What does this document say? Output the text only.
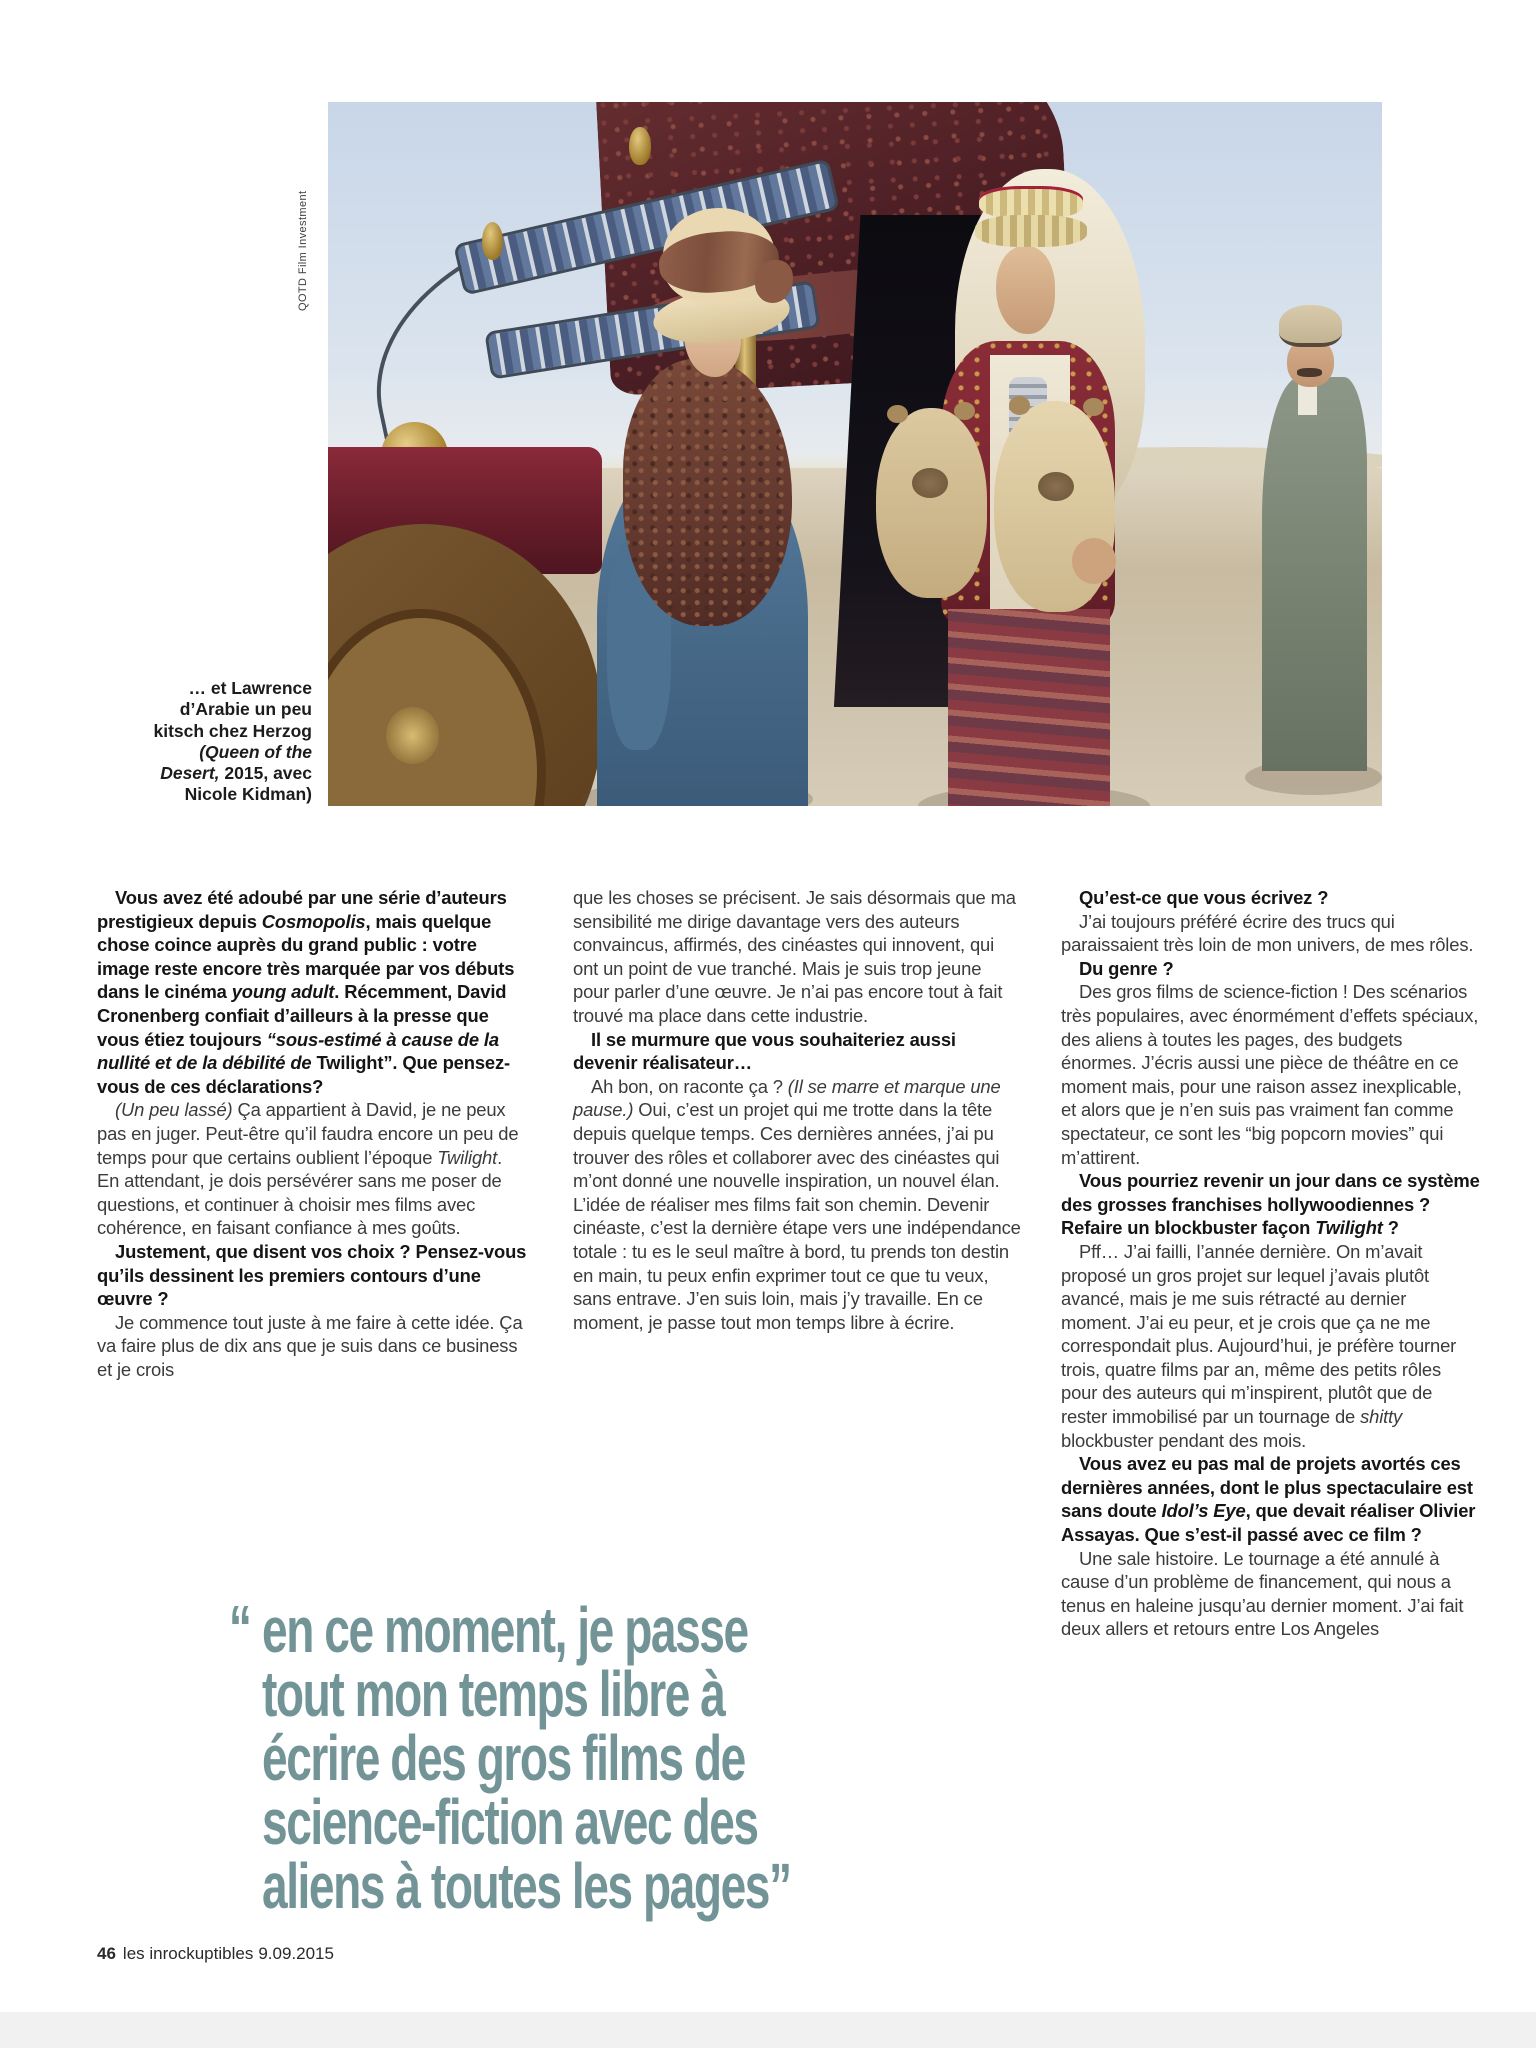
QOTD Film Investment
… et Lawrence
d’Arabie un peu
kitsch chez Herzog
(Queen of the
Desert, 2015, avec
Nicole Kidman)
Vous avez été adoubé par une série d’auteurs prestigieux depuis Cosmopolis, mais quelque chose coince auprès du grand public : votre image reste encore très marquée par vos débuts dans le cinéma young adult. Récemment, David Cronenberg confiait d’ailleurs à la presse que vous étiez toujours “sous-estimé à cause de la nullité et de la débilité de Twilight”. Que pensez-vous de ces déclarations?
(Un peu lassé) Ça appartient à David, je ne peux pas en juger. Peut-être qu’il faudra encore un peu de temps pour que certains oublient l’époque Twilight. En attendant, je dois persévérer sans me poser de questions, et continuer à choisir mes films avec cohérence, en faisant confiance à mes goûts.
Justement, que disent vos choix ? Pensez-vous qu’ils dessinent les premiers contours d’une œuvre ?
Je commence tout juste à me faire à cette idée. Ça va faire plus de dix ans que je suis dans ce business et je crois
que les choses se précisent. Je sais désormais que ma sensibilité me dirige davantage vers des auteurs convaincus, affirmés, des cinéastes qui innovent, qui ont un point de vue tranché. Mais je suis trop jeune pour parler d’une œuvre. Je n’ai pas encore tout à fait trouvé ma place dans cette industrie.
Il se murmure que vous souhaiteriez aussi devenir réalisateur…
Ah bon, on raconte ça ? (Il se marre et marque une pause.) Oui, c’est un projet qui me trotte dans la tête depuis quelque temps. Ces dernières années, j’ai pu trouver des rôles et collaborer avec des cinéastes qui m’ont donné une nouvelle inspiration, un nouvel élan. L’idée de réaliser mes films fait son chemin. Devenir cinéaste, c’est la dernière étape vers une indépendance totale : tu es le seul maître à bord, tu prends ton destin en main, tu peux enfin exprimer tout ce que tu veux, sans entrave. J’en suis loin, mais j’y travaille. En ce moment, je passe tout mon temps libre à écrire.
Qu’est-ce que vous écrivez ?
J’ai toujours préféré écrire des trucs qui paraissaient très loin de mon univers, de mes rôles.
Du genre ?
Des gros films de science-fiction ! Des scénarios très populaires, avec énormément d’effets spéciaux, des aliens à toutes les pages, des budgets énormes. J’écris aussi une pièce de théâtre en ce moment mais, pour une raison assez inexplicable, et alors que je n’en suis pas vraiment fan comme spectateur, ce sont les “big popcorn movies” qui m’attirent.
Vous pourriez revenir un jour dans ce système des grosses franchises hollywoodiennes ? Refaire un blockbuster façon Twilight ?
Pff… J’ai failli, l’année dernière. On m’avait proposé un gros projet sur lequel j’avais plutôt avancé, mais je me suis rétracté au dernier moment. J’ai eu peur, et je crois que ça ne me correspondait plus. Aujourd’hui, je préfère tourner trois, quatre films par an, même des petits rôles pour des auteurs qui m’inspirent, plutôt que de rester immobilisé par un tournage de shitty blockbuster pendant des mois.
Vous avez eu pas mal de projets avortés ces dernières années, dont le plus spectaculaire est sans doute Idol’s Eye, que devait réaliser Olivier Assayas. Que s’est-il passé avec ce film ?
Une sale histoire. Le tournage a été annulé à cause d’un problème de financement, qui nous a tenus en haleine jusqu’au dernier moment. J’ai fait deux allers et retours entre Los Angeles
“ en ce moment, je passe
tout mon temps libre à
écrire des gros films de
science-fiction avec des
aliens à toutes les pages”
46 les inrockuptibles 9.09.2015
